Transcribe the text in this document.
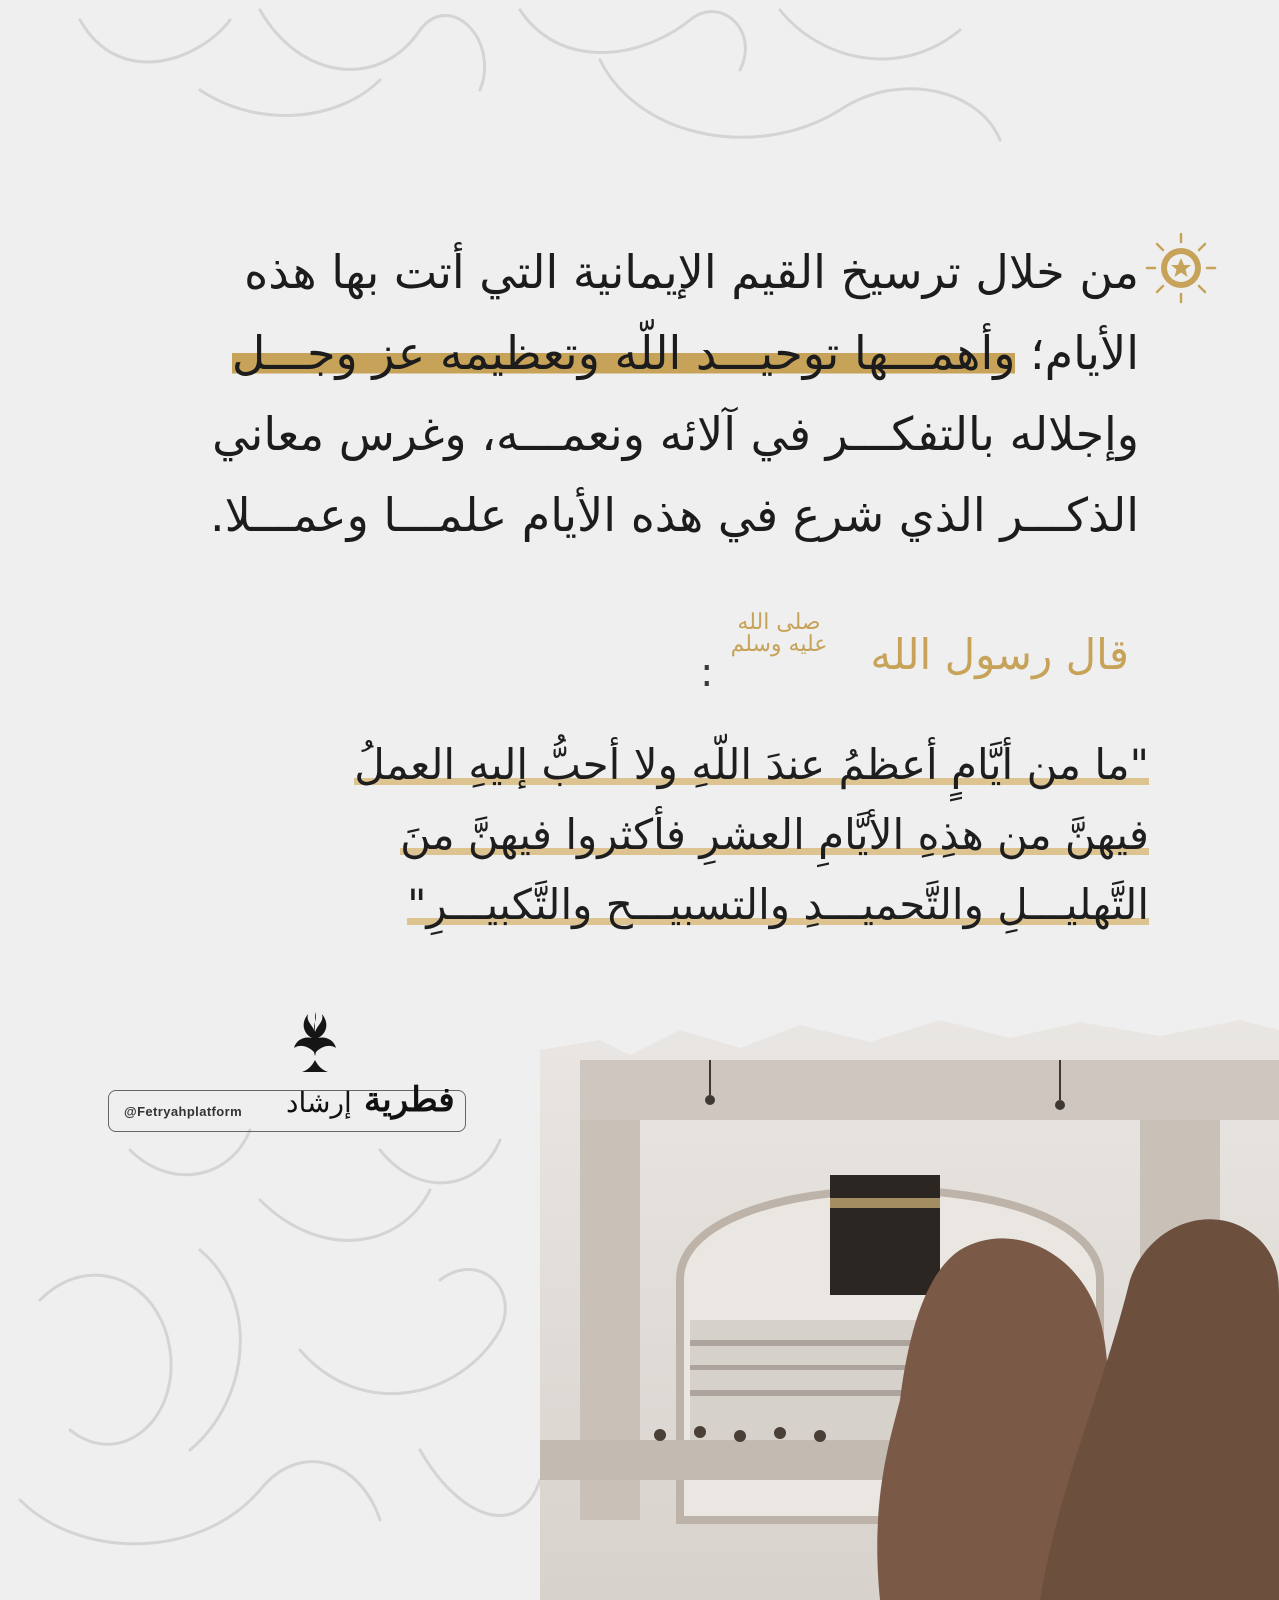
من خلال ترسيخ القيم الإيمانية التي أتت بها هذه
الأيام؛ وأهمـــها توحيـــد اللّه وتعظيمه عز وجـــل
وإجلاله بالتفكـــر في آلائه ونعمـــه، وغرس معاني
الذكـــر الذي شرع في هذه الأيام علمـــا وعمـــلا.
قال رسول الله
صلى الله عليه وسلم
:
"ما من أيَّامٍ أعظمُ عندَ اللّهِ ولا أحبُّ إليهِ العملُ
فيهنَّ من هذِهِ الأيَّامِ العشرِ فأكثروا فيهنَّ منَ
التَّهليـــلِ والتَّحميـــدِ والتسبيـــح والتَّكبيـــرِ"
@Fetryahplatform	فطرية
إرشاد
